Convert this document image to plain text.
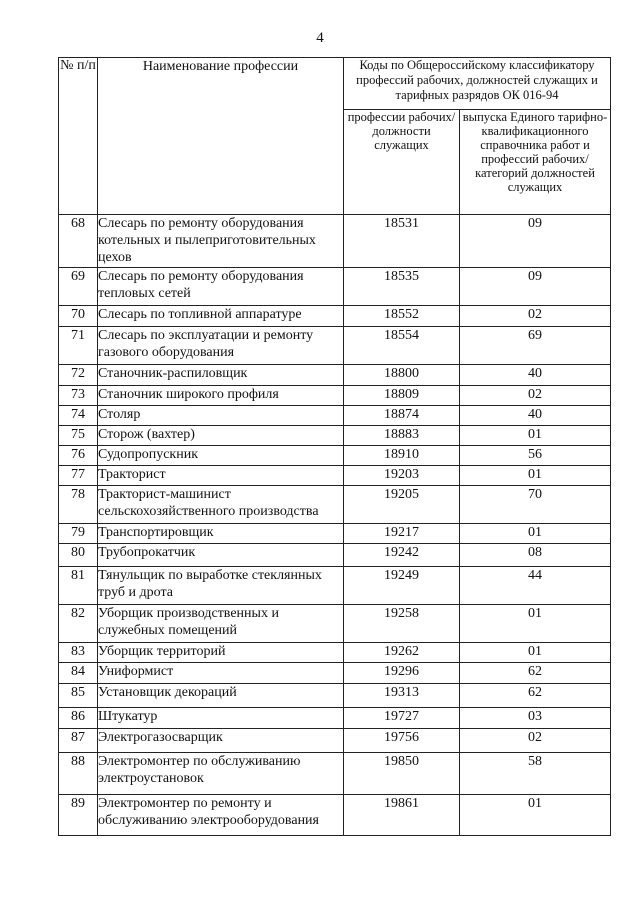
4
№ п/п	Наименование профессии	Коды по Общероссийскому классификатору профессий рабочих, должностей служащих и тарифных разрядов ОК 016-94	
		профессии рабочих/ должности служащих	выпуска Единого тарифно-квалификационного справочника работ и профессий рабочих/категорий должностей служащих
68	Слесарь по ремонту оборудования котельных и пылеприготовительных цехов	18531	09
69	Слесарь по ремонту оборудования тепловых сетей	18535	09
70	Слесарь по топливной аппаратуре	18552	02
71	Слесарь по эксплуатации и ремонту газового оборудования	18554	69
72	Станочник-распиловщик	18800	40
73	Станочник широкого профиля	18809	02
74	Столяр	18874	40
75	Сторож (вахтер)	18883	01
76	Судопропускник	18910	56
77	Тракторист	19203	01
78	Тракторист-машинист сельскохозяйственного производства	19205	70
79	Транспортировщик	19217	01
80	Трубопрокатчик	19242	08
81	Тянульщик по выработке стеклянных труб и дрота	19249	44
82	Уборщик производственных и служебных помещений	19258	01
83	Уборщик территорий	19262	01
84	Униформист	19296	62
85	Установщик декораций	19313	62
86	Штукатур	19727	03
87	Электрогазосварщик	19756	02
88	Электромонтер по обслуживанию электроустановок	19850	58
89	Электромонтер по ремонту и обслуживанию электрооборудования	19861	01
